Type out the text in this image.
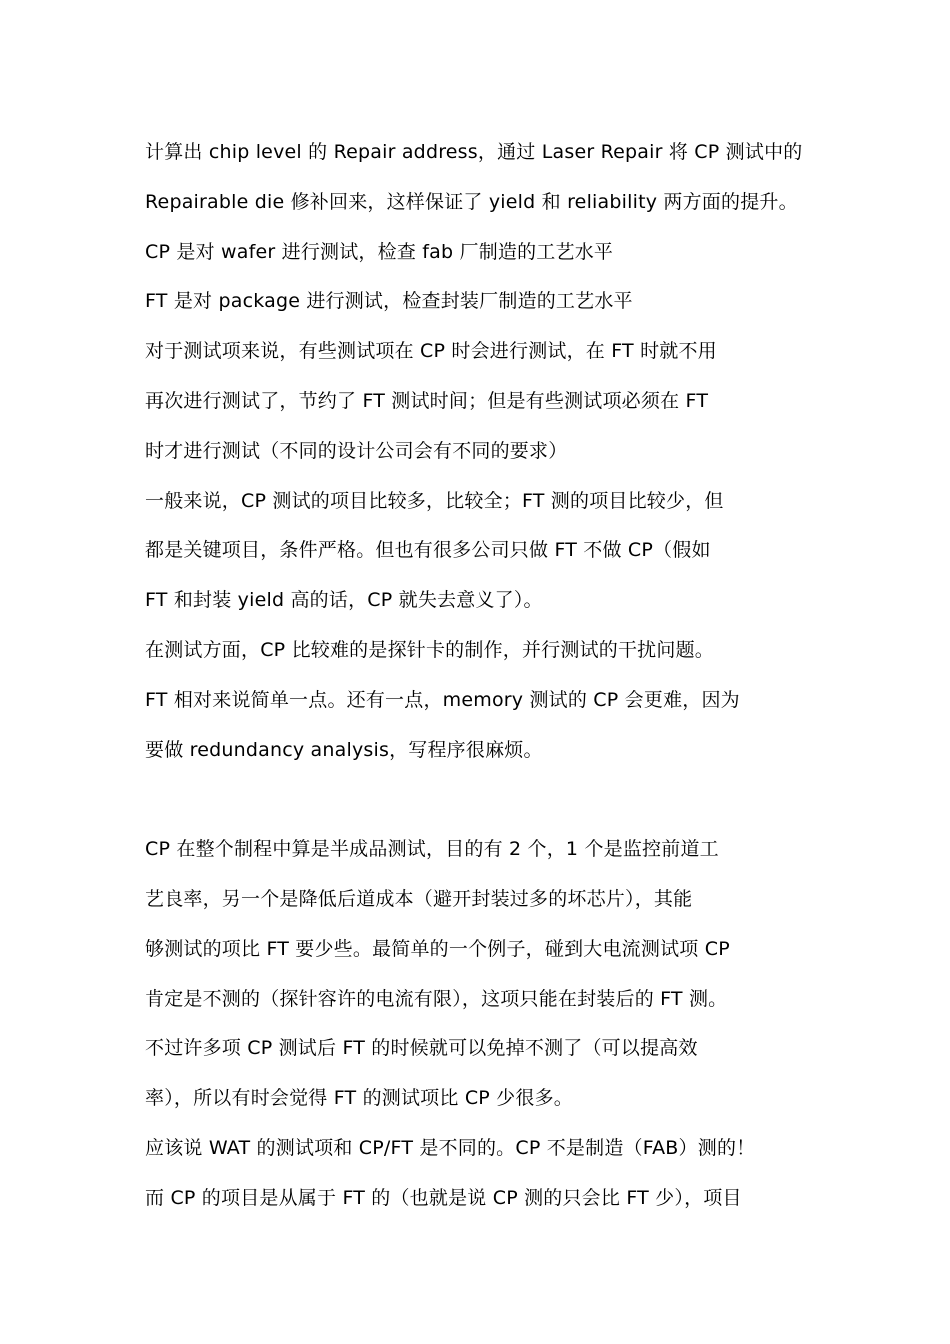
计算出 chip level 的 Repair address，通过 Laser Repair 将 CP 测试中的
Repairable die 修补回来，这样保证了 yield 和 reliability 两方面的提升。
CP 是对 wafer 进行测试，检查 fab 厂制造的工艺水平
FT 是对 package 进行测试，检查封装厂制造的工艺水平
对于测试项来说，有些测试项在 CP 时会进行测试，在 FT 时就不用
再次进行测试了，节约了 FT 测试时间；但是有些测试项必须在 FT
时才进行测试（不同的设计公司会有不同的要求）
一般来说，CP 测试的项目比较多，比较全；FT 测的项目比较少，但
都是关键项目，条件严格。但也有很多公司只做 FT 不做 CP（假如
FT 和封装 yield 高的话，CP 就失去意义了）。
在测试方面，CP 比较难的是探针卡的制作，并行测试的干扰问题。
FT 相对来说简单一点。还有一点，memory 测试的 CP 会更难，因为
要做 redundancy analysis，写程序很麻烦。
CP 在整个制程中算是半成品测试，目的有 2 个，1 个是监控前道工
艺良率，另一个是降低后道成本（避开封装过多的坏芯片），其能
够测试的项比 FT 要少些。最简单的一个例子，碰到大电流测试项 CP
肯定是不测的（探针容许的电流有限），这项只能在封装后的 FT 测。
不过许多项 CP 测试后 FT 的时候就可以免掉不测了（可以提高效
率），所以有时会觉得 FT 的测试项比 CP 少很多。
应该说 WAT 的测试项和 CP/FT 是不同的。CP 不是制造（FAB）测的！
而 CP 的项目是从属于 FT 的（也就是说 CP 测的只会比 FT 少），项目
